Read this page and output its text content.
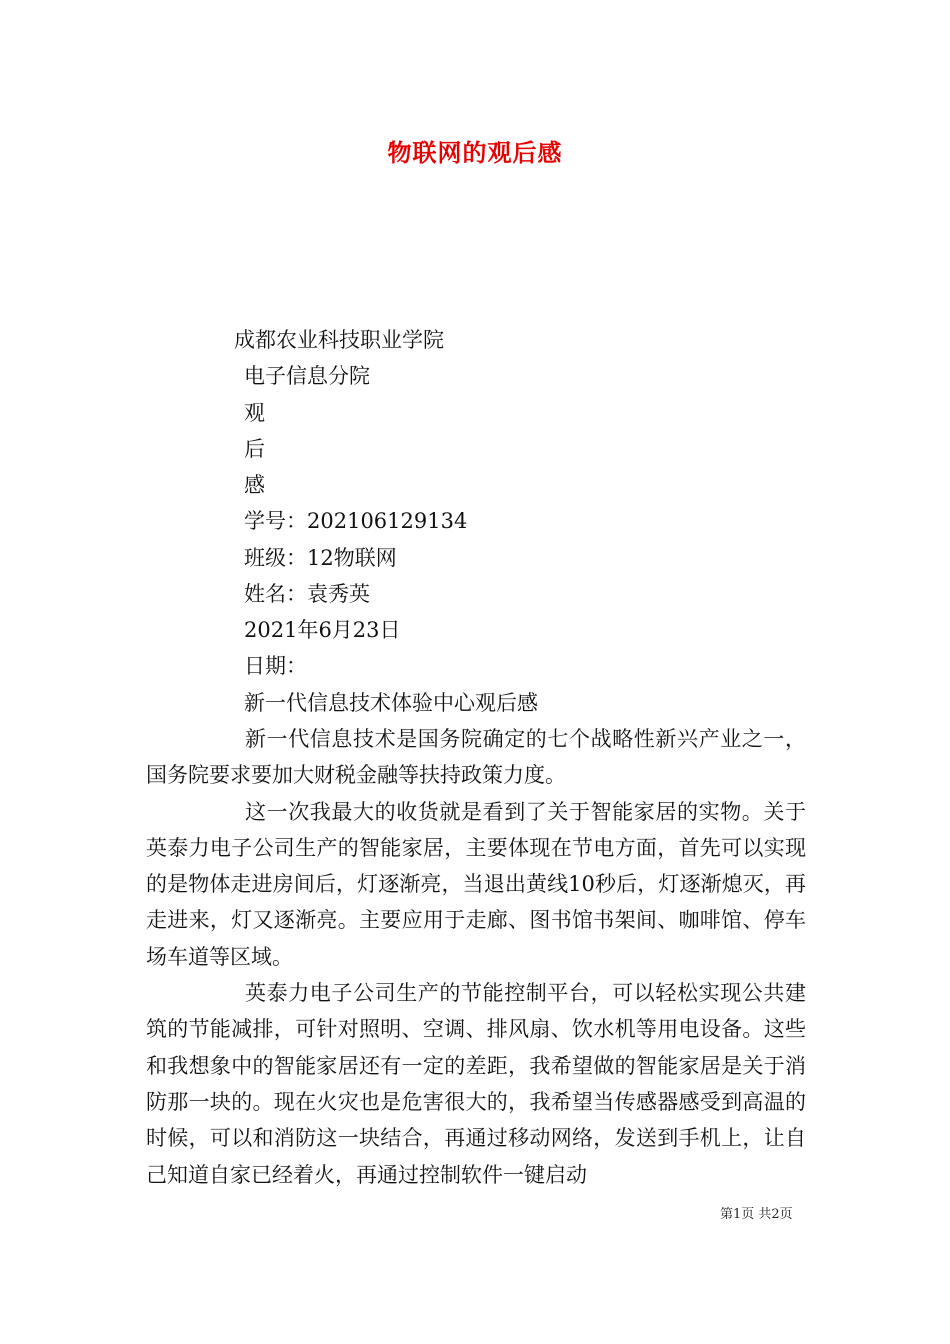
物联网的观后感
成都农业科技职业学院
电子信息分院
观
后
感
学号：202106129134
班级：12物联网
姓名：袁秀英
2021年6月23日
日期：
新一代信息技术体验中心观后感

新一代信息技术是国务院确定的七个战略性新兴产业之一，国务院要求要加大财税金融等扶持政策力度。

这一次我最大的收货就是看到了关于智能家居的实物。关于英泰力电子公司生产的智能家居，主要体现在节电方面，首先可以实现的是物体走进房间后，灯逐渐亮，当退出黄线10秒后，灯逐渐熄灭，再走进来，灯又逐渐亮。主要应用于走廊、图书馆书架间、咖啡馆、停车场车道等区域。

英泰力电子公司生产的节能控制平台，可以轻松实现公共建筑的节能减排，可针对照明、空调、排风扇、饮水机等用电设备。这些和我想象中的智能家居还有一定的差距，我希望做的智能家居是关于消防那一块的。现在火灾也是危害很大的，我希望当传感器感受到高温的时候，可以和消防这一块结合，再通过移动网络，发送到手机上，让自己知道自家已经着火，再通过控制软件一键启动

第1页 共2页
